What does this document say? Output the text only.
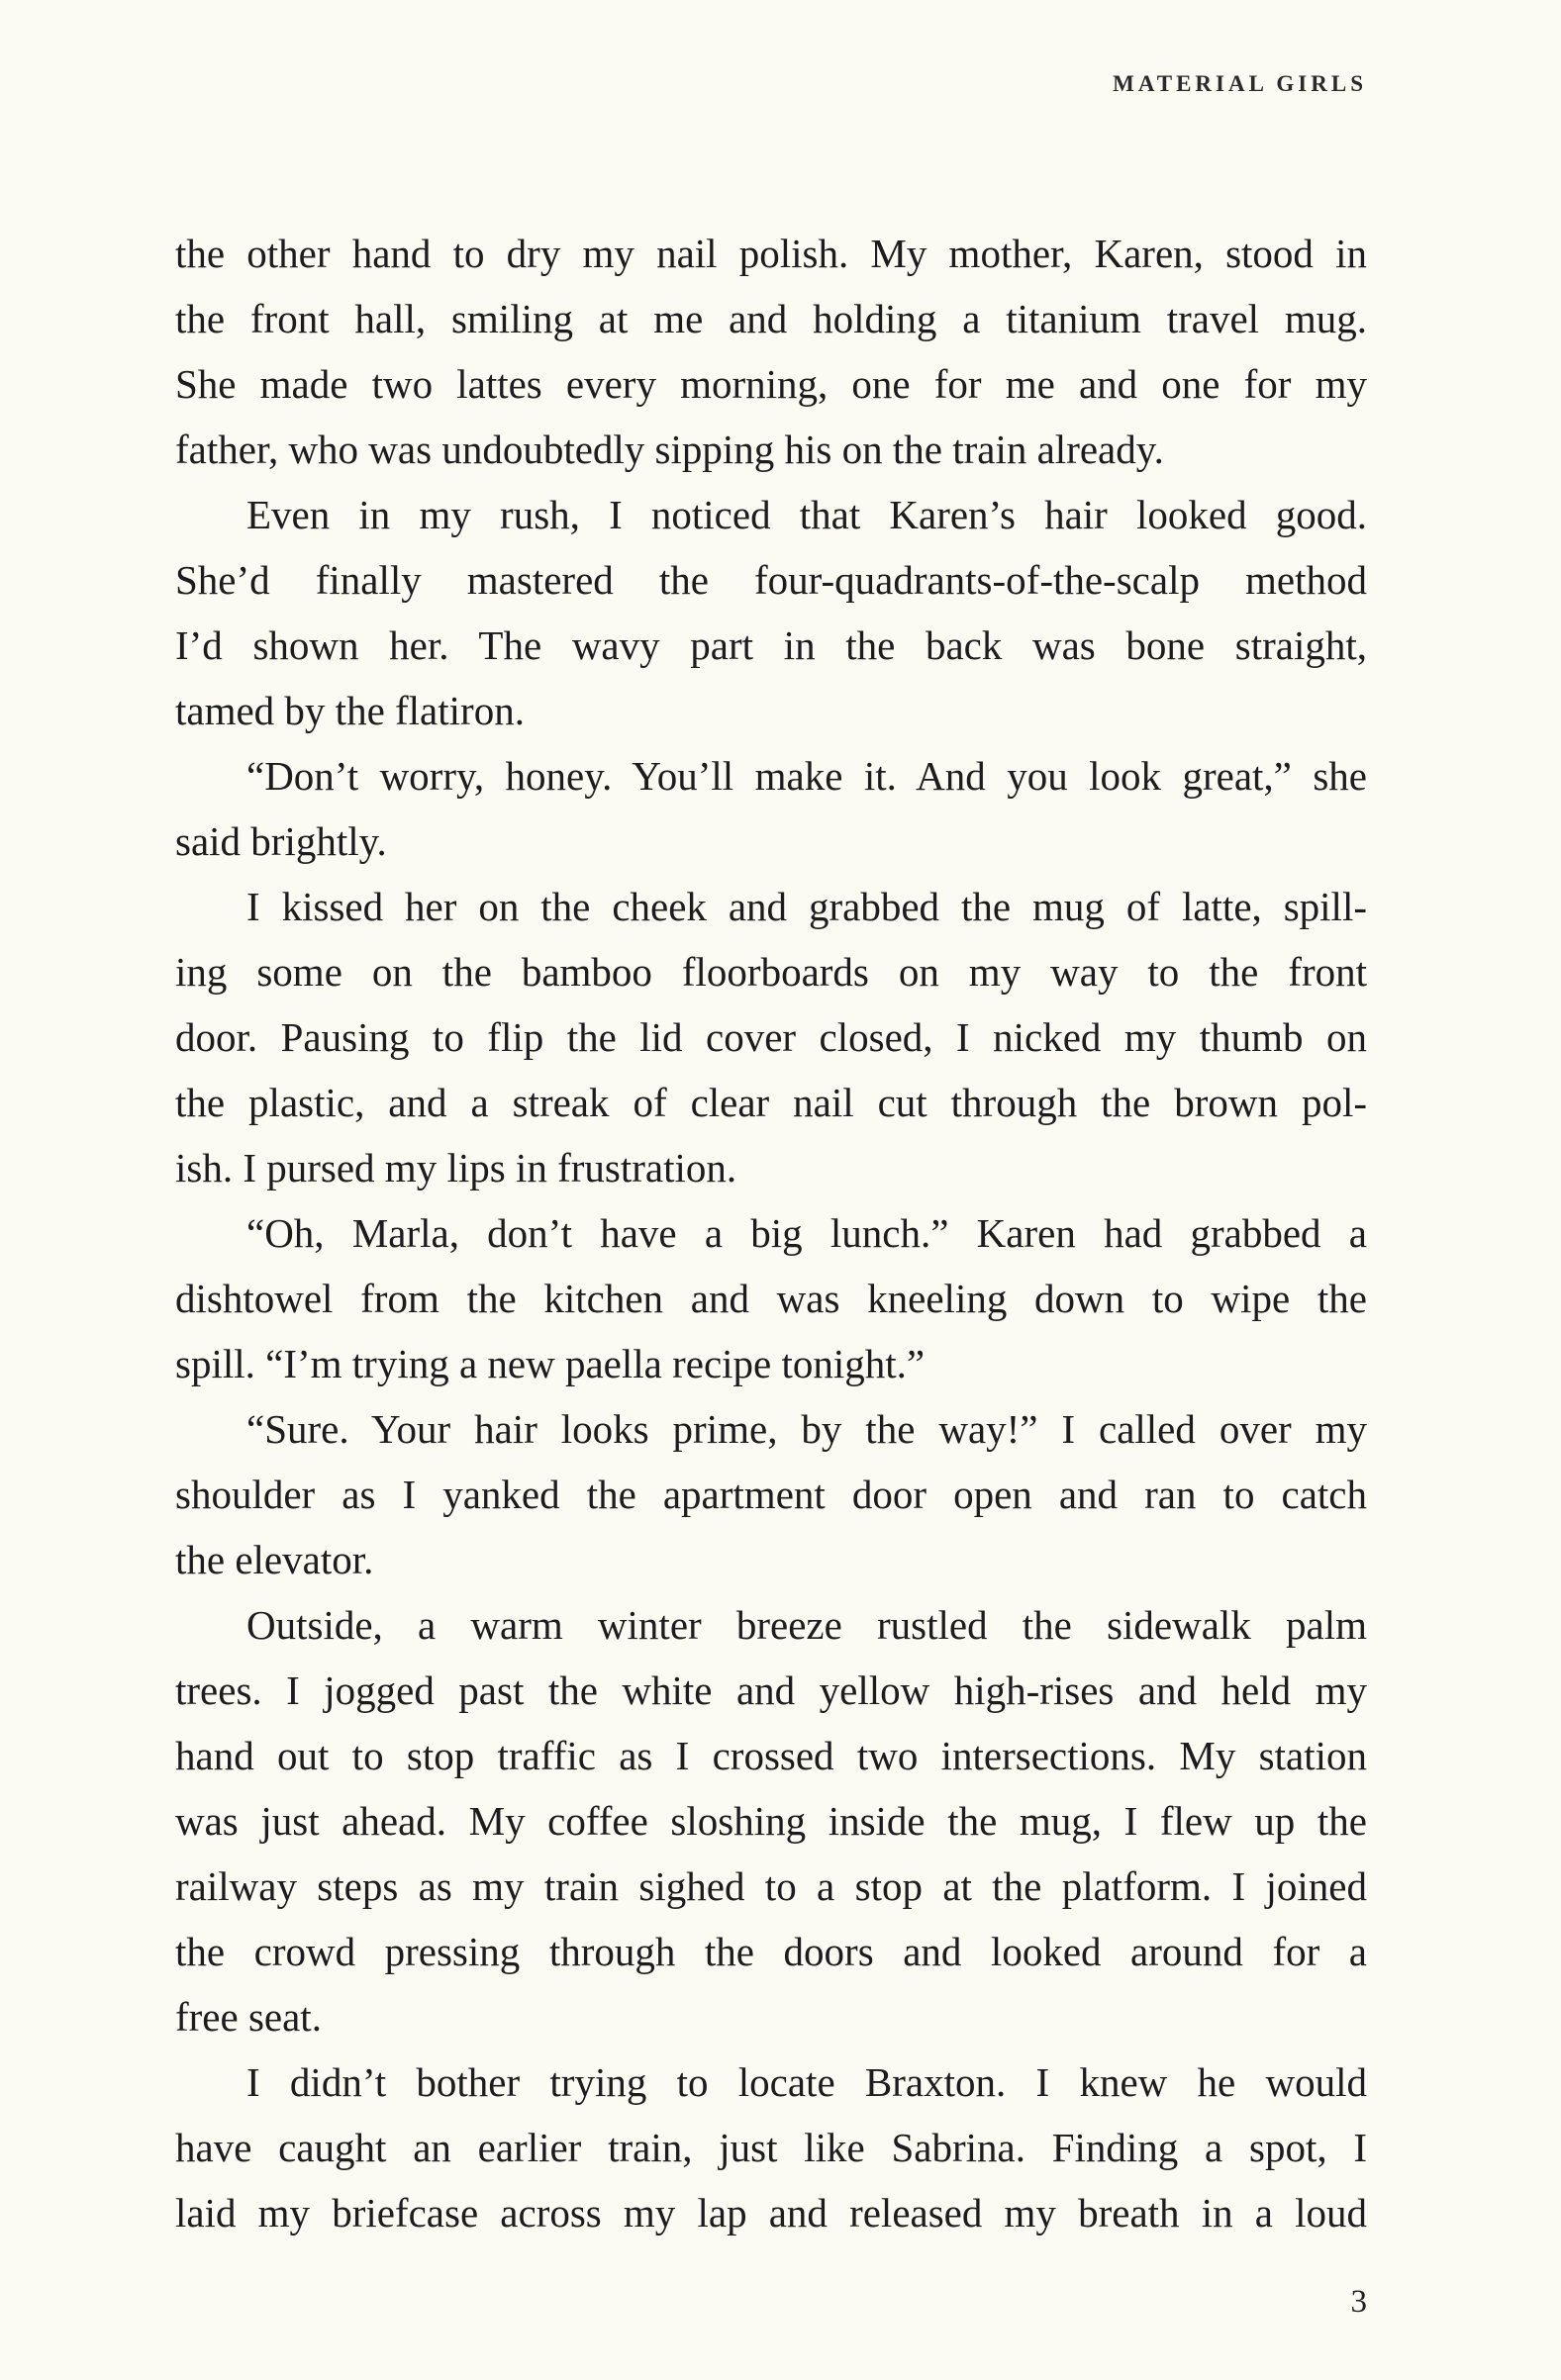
MATERIAL GIRLS
the other hand to dry my nail polish. My mother, Karen, stood in
the front hall, smiling at me and holding a titanium travel mug.
She made two lattes every morning, one for me and one for my
father, who was undoubtedly sipping his on the train already.
Even in my rush, I noticed that Karen’s hair looked good.
She’d finally mastered the four-quadrants-of-the-scalp method
I’d shown her. The wavy part in the back was bone straight,
tamed by the flatiron.
“Don’t worry, honey. You’ll make it. And you look great,” she
said brightly.
I kissed her on the cheek and grabbed the mug of latte, spill-
ing some on the bamboo floorboards on my way to the front
door. Pausing to flip the lid cover closed, I nicked my thumb on
the plastic, and a streak of clear nail cut through the brown pol-
ish. I pursed my lips in frustration.
“Oh, Marla, don’t have a big lunch.” Karen had grabbed a
dishtowel from the kitchen and was kneeling down to wipe the
spill. “I’m trying a new paella recipe tonight.”
“Sure. Your hair looks prime, by the way!” I called over my
shoulder as I yanked the apartment door open and ran to catch
the elevator.
Outside, a warm winter breeze rustled the sidewalk palm
trees. I jogged past the white and yellow high-rises and held my
hand out to stop traffic as I crossed two intersections. My station
was just ahead. My coffee sloshing inside the mug, I flew up the
railway steps as my train sighed to a stop at the platform. I joined
the crowd pressing through the doors and looked around for a
free seat.
I didn’t bother trying to locate Braxton. I knew he would
have caught an earlier train, just like Sabrina. Finding a spot, I
laid my briefcase across my lap and released my breath in a loud
3
